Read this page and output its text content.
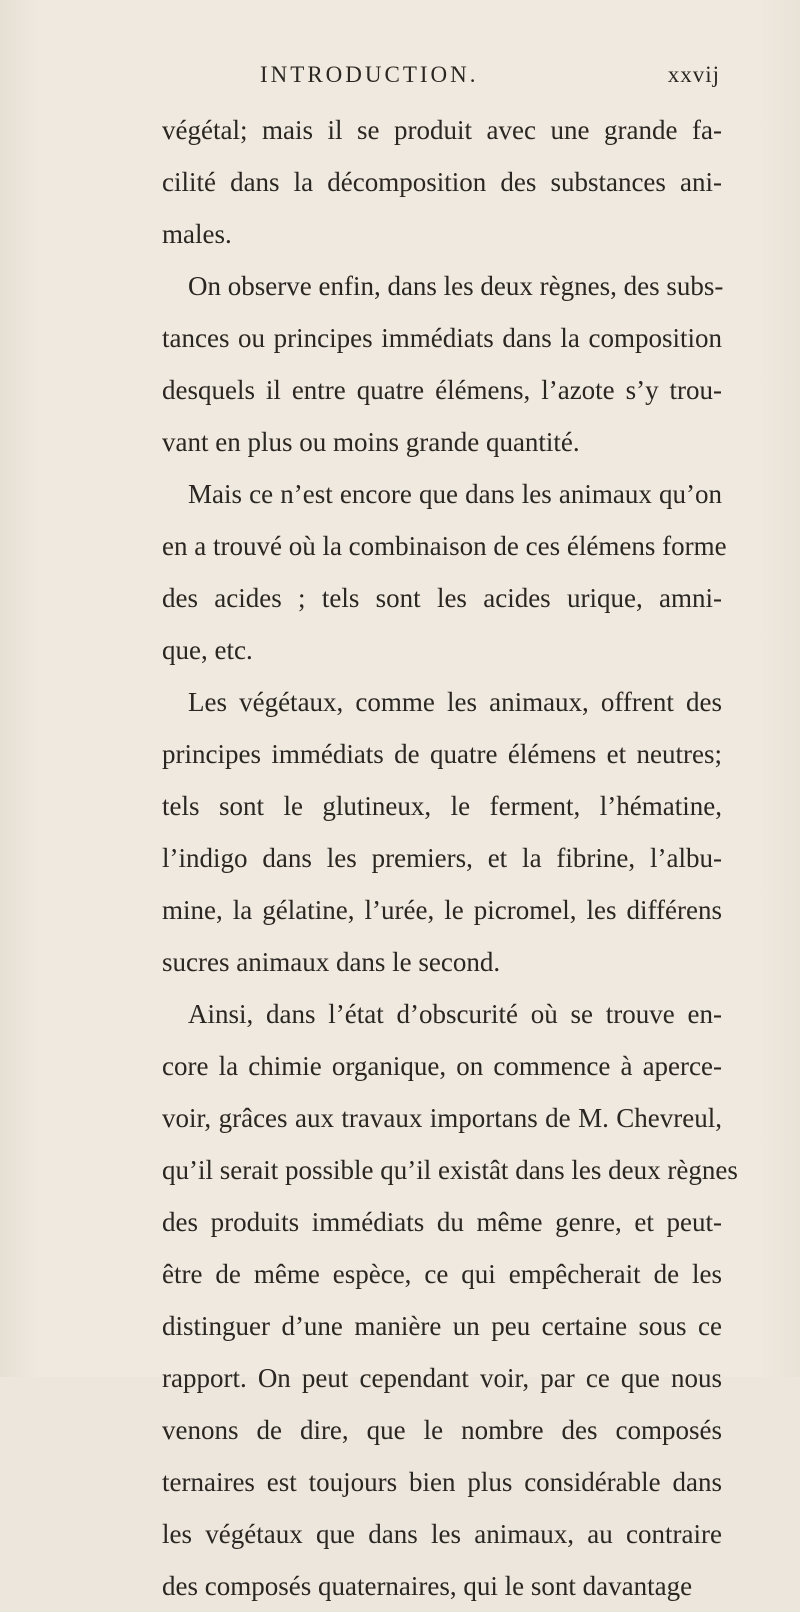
INTRODUCTION.	xxvij
végétal; mais il se produit avec une grande fa-
cilité dans la décomposition des substances ani-
males.
On observe enfin, dans les deux règnes, des subs-
tances ou principes immédiats dans la composition
desquels il entre quatre élémens, l’azote s’y trou-
vant en plus ou moins grande quantité.
Mais ce n’est encore que dans les animaux qu’on
en a trouvé où la combinaison de ces élémens forme
des acides ; tels sont les acides urique, amni-
que, etc.
Les végétaux, comme les animaux, offrent des
principes immédiats de quatre élémens et neutres;
tels sont le glutineux, le ferment, l’hématine,
l’indigo dans les premiers, et la fibrine, l’albu-
mine, la gélatine, l’urée, le picromel, les différens
sucres animaux dans le second.
Ainsi, dans l’état d’obscurité où se trouve en-
core la chimie organique, on commence à aperce-
voir, grâces aux travaux importans de M. Chevreul,
qu’il serait possible qu’il existât dans les deux règnes
des produits immédiats du même genre, et peut-
être de même espèce, ce qui empêcherait de les
distinguer d’une manière un peu certaine sous ce
rapport. On peut cependant voir, par ce que nous
venons de dire, que le nombre des composés
ternaires est toujours bien plus considérable dans
les végétaux que dans les animaux, au contraire
des composés quaternaires, qui le sont davantage
